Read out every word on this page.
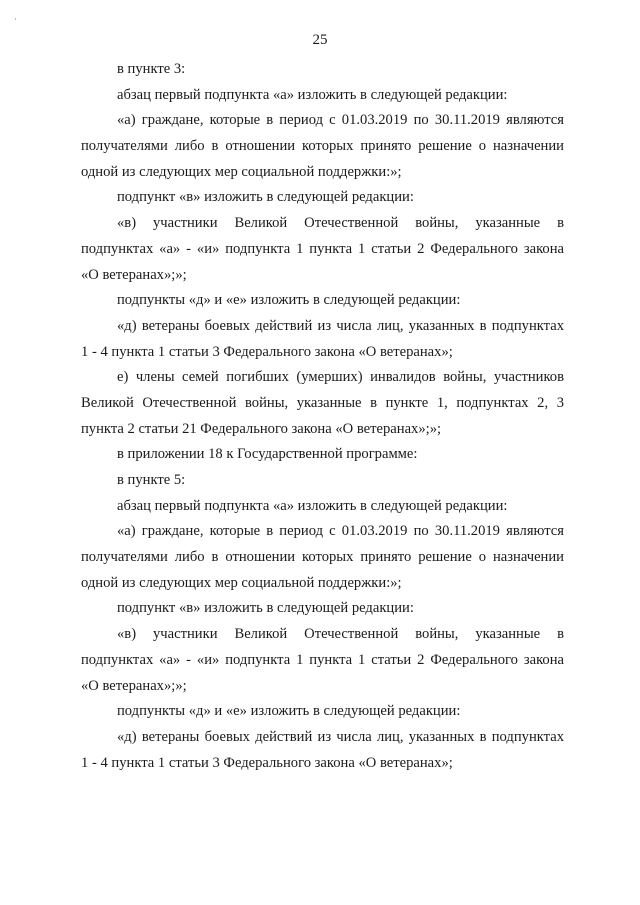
·
25
в пункте 3:
абзац первый подпункта «а» изложить в следующей редакции:
«а) граждане, которые в период с 01.03.2019 по 30.11.2019 являются
получателями либо в отношении которых принято решение о назначении
одной из следующих мер социальной поддержки:»;
подпункт «в» изложить в следующей редакции:
«в) участники Великой Отечественной войны, указанные в
подпунктах «а» - «и» подпункта 1 пункта 1 статьи 2 Федерального закона
«О ветеранах»;»;
подпункты «д» и «е» изложить в следующей редакции:
«д) ветераны боевых действий из числа лиц, указанных в подпунктах
1 - 4 пункта 1 статьи 3 Федерального закона «О ветеранах»;
е) члены семей погибших (умерших) инвалидов войны, участников
Великой Отечественной войны, указанные в пункте 1, подпунктах 2, 3
пункта 2 статьи 21 Федерального закона «О ветеранах»;»;
в приложении 18 к Государственной программе:
в пункте 5:
абзац первый подпункта «а» изложить в следующей редакции:
«а) граждане, которые в период с 01.03.2019 по 30.11.2019 являются
получателями либо в отношении которых принято решение о назначении
одной из следующих мер социальной поддержки:»;
подпункт «в» изложить в следующей редакции:
«в) участники Великой Отечественной войны, указанные в
подпунктах «а» - «и» подпункта 1 пункта 1 статьи 2 Федерального закона
«О ветеранах»;»;
подпункты «д» и «е» изложить в следующей редакции:
«д) ветераны боевых действий из числа лиц, указанных в подпунктах
1 - 4 пункта 1 статьи 3 Федерального закона «О ветеранах»;
